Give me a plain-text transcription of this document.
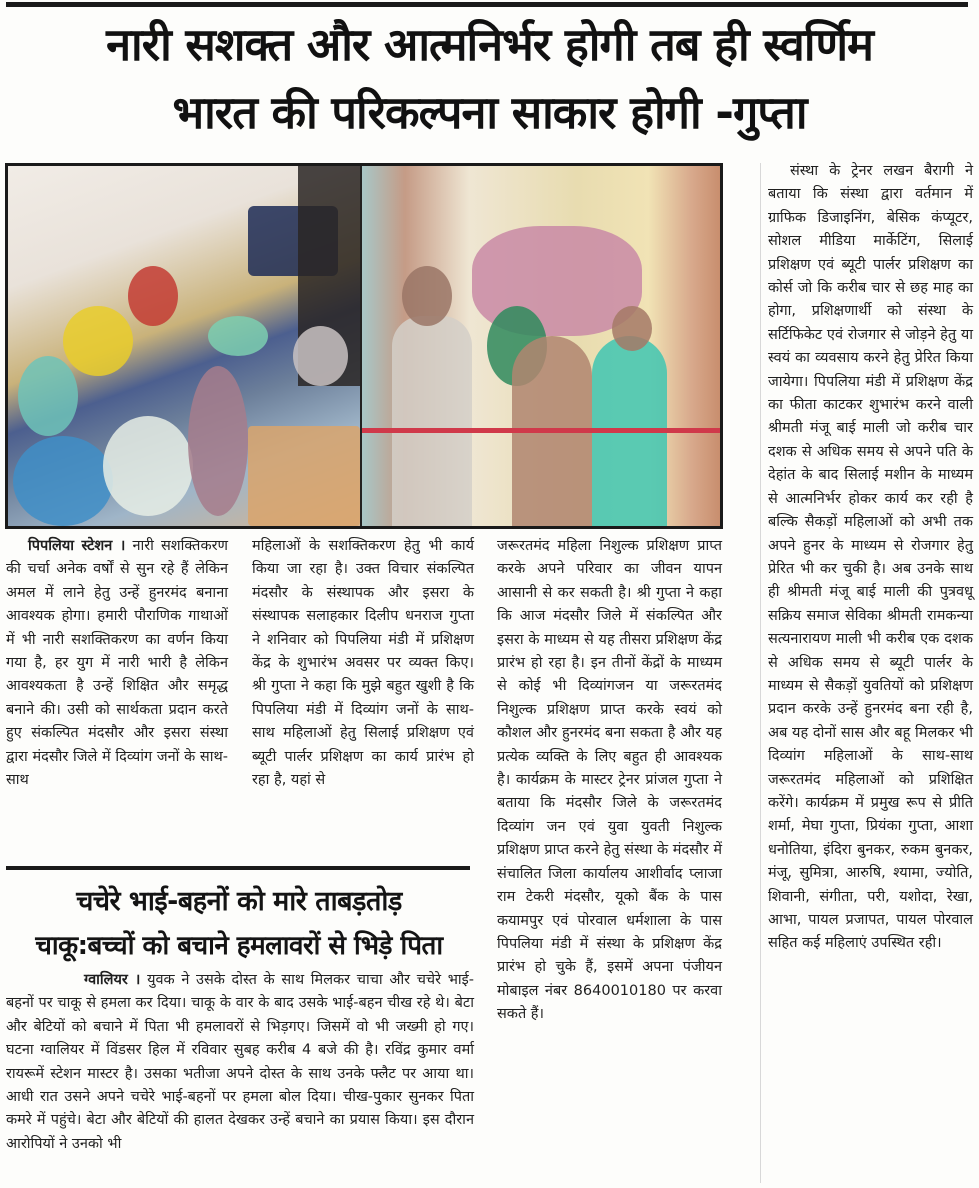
नारी सशक्त और आत्मनिर्भर होगी तब ही स्वर्णिम
भारत की परिकल्पना साकार होगी -गुप्ता
पिपलिया स्टेशन । नारी सशक्तिकरण की चर्चा अनेक वर्षों से सुन रहे हैं लेकिन अमल में लाने हेतु उन्हें हुनरमंद बनाना आवश्यक होगा। हमारी पौराणिक गाथाओं में भी नारी सशक्तिकरण का वर्णन किया गया है, हर युग में नारी भारी है लेकिन आवश्यकता है उन्हें शिक्षित और समृद्ध बनाने की। उसी को सार्थकता प्रदान करते हुए संकल्पित मंदसौर और इसरा संस्था द्वारा मंदसौर जिले में दिव्यांग जनों के साथ-साथ
महिलाओं के सशक्तिकरण हेतु भी कार्य किया जा रहा है। उक्त विचार संकल्पित मंदसौर के संस्थापक और इसरा के संस्थापक सलाहकार दिलीप धनराज गुप्ता ने शनिवार को पिपलिया मंडी में प्रशिक्षण केंद्र के शुभारंभ अवसर पर व्यक्त किए। श्री गुप्ता ने कहा कि मुझे बहुत खुशी है कि पिपलिया मंडी में दिव्यांग जनों के साथ-साथ महिलाओं हेतु सिलाई प्रशिक्षण एवं ब्यूटी पार्लर प्रशिक्षण का कार्य प्रारंभ हो रहा है, यहां से
जरूरतमंद महिला निशुल्क प्रशिक्षण प्राप्त करके अपने परिवार का जीवन यापन आसानी से कर सकती है। श्री गुप्ता ने कहा कि आज मंदसौर जिले में संकल्पित और इसरा के माध्यम से यह तीसरा प्रशिक्षण केंद्र प्रारंभ हो रहा है। इन तीनों केंद्रों के माध्यम से कोई भी दिव्यांगजन या जरूरतमंद निशुल्क प्रशिक्षण प्राप्त करके स्वयं को कौशल और हुनरमंद बना सकता है और यह प्रत्येक व्यक्ति के लिए बहुत ही आवश्यक है। कार्यक्रम के मास्टर ट्रेनर प्रांजल गुप्ता ने बताया कि मंदसौर जिले के जरूरतमंद दिव्यांग जन एवं युवा युवती निशुल्क प्रशिक्षण प्राप्त करने हेतु संस्था के मंदसौर में संचालित जिला कार्यालय आशीर्वाद प्लाजा राम टेकरी मंदसौर, यूको बैंक के पास कयामपुर एवं पोरवाल धर्मशाला के पास पिपलिया मंडी में संस्था के प्रशिक्षण केंद्र प्रारंभ हो चुके हैं, इसमें अपना पंजीयन मोबाइल नंबर 8640010180 पर करवा सकते हैं।
संस्था के ट्रेनर लखन बैरागी ने बताया कि संस्था द्वारा वर्तमान में ग्राफिक डिजाइनिंग, बेसिक कंप्यूटर, सोशल मीडिया मार्केटिंग, सिलाई प्रशिक्षण एवं ब्यूटी पार्लर प्रशिक्षण का कोर्स जो कि करीब चार से छह माह का होगा, प्रशिक्षणार्थी को संस्था के सर्टिफिकेट एवं रोजगार से जोड़ने हेतु या स्वयं का व्यवसाय करने हेतु प्रेरित किया जायेगा। पिपलिया मंडी में प्रशिक्षण केंद्र का फीता काटकर शुभारंभ करने वाली श्रीमती मंजू बाई माली जो करीब चार दशक से अधिक समय से अपने पति के देहांत के बाद सिलाई मशीन के माध्यम से आत्मनिर्भर होकर कार्य कर रही है बल्कि सैकड़ों महिलाओं को अभी तक अपने हुनर के माध्यम से रोजगार हेतु प्रेरित भी कर चुकी है। अब उनके साथ ही श्रीमती मंजू बाई माली की पुत्रवधू सक्रिय समाज सेविका श्रीमती रामकन्या सत्यनारायण माली भी करीब एक दशक से अधिक समय से ब्यूटी पार्लर के माध्यम से सैकड़ों युवतियों को प्रशिक्षण प्रदान करके उन्हें हुनरमंद बना रही है, अब यह दोनों सास और बहू मिलकर भी दिव्यांग महिलाओं के साथ-साथ जरूरतमंद महिलाओं को प्रशिक्षित करेंगे। कार्यक्रम में प्रमुख रूप से प्रीति शर्मा, मेघा गुप्ता, प्रियंका गुप्ता, आशा धनोतिया, इंदिरा बुनकर, रुकम बुनकर, मंजू, सुमित्रा, आरुषि, श्यामा, ज्योति, शिवानी, संगीता, परी, यशोदा, रेखा, आभा, पायल प्रजापत, पायल पोरवाल सहित कई महिलाएं उपस्थित रही।
चचेरे भाई-बहनों को मारे ताबड़तोड़
चाकू:बच्चों को बचाने हमलावरों से भिड़े पिता
ग्वालियर । युवक ने उसके दोस्त के साथ मिलकर चाचा और चचेरे भाई-बहनों पर चाकू से हमला कर दिया। चाकू के वार के बाद उसके भाई-बहन चीख रहे थे। बेटा और बेटियों को बचाने में पिता भी हमलावरों से भिड़गए। जिसमें वो भी जख्मी हो गए। घटना ग्वालियर में विंडसर हिल में रविवार सुबह करीब 4 बजे की है। रविंद्र कुमार वर्मा रायरूमें स्टेशन मास्टर है। उसका भतीजा अपने दोस्त के साथ उनके फ्लैट पर आया था। आधी रात उसने अपने चचेरे भाई-बहनों पर हमला बोल दिया। चीख-पुकार सुनकर पिता कमरे में पहुंचे। बेटा और बेटियों की हालत देखकर उन्हें बचाने का प्रयास किया। इस दौरान आरोपियों ने उनको भी
